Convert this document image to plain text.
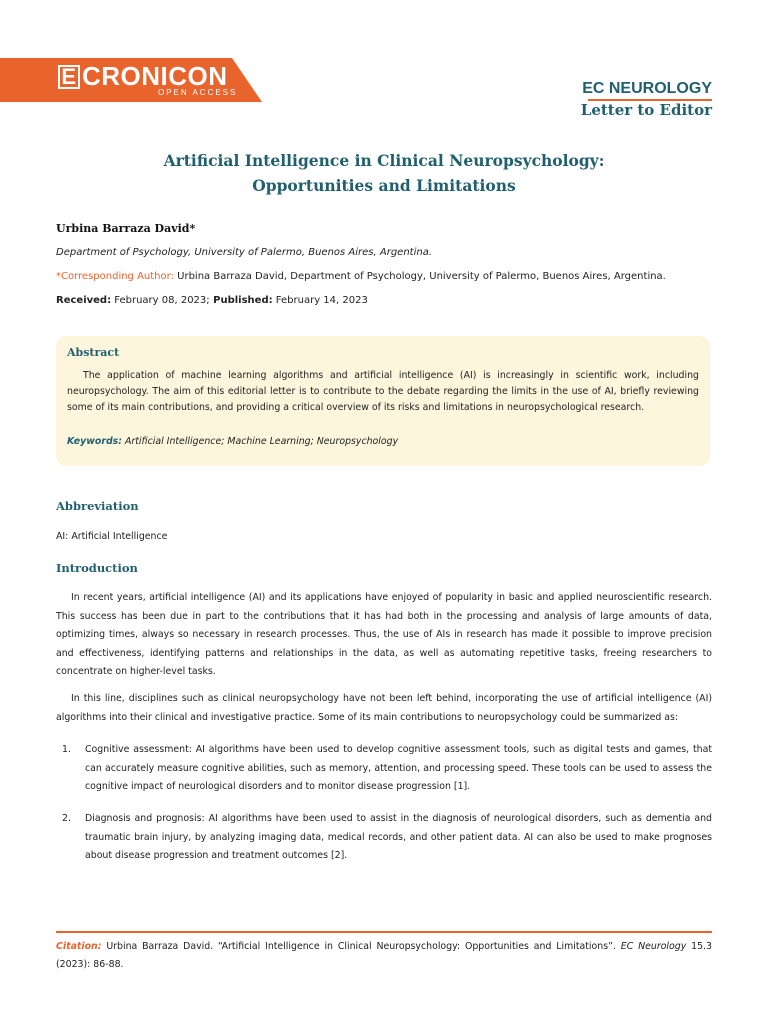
E CRONICON
OPEN ACCESS	EC NEUROLOGY
Letter to Editor
Artificial Intelligence in Clinical Neuropsychology:
Opportunities and Limitations
Urbina Barraza David*
Department of Psychology, University of Palermo, Buenos Aires, Argentina.
*Corresponding Author: Urbina Barraza David, Department of Psychology, University of Palermo, Buenos Aires, Argentina.
Received: February 08, 2023; Published: February 14, 2023
Abstract
The application of machine learning algorithms and artificial intelligence (AI) is increasingly in scientific work, including neuropsychology. The aim of this editorial letter is to contribute to the debate regarding the limits in the use of AI, briefly reviewing some of its main contributions, and providing a critical overview of its risks and limitations in neuropsychological research.
Keywords: Artificial Intelligence; Machine Learning; Neuropsychology
Abbreviation
AI: Artificial Intelligence
Introduction
In recent years, artificial intelligence (AI) and its applications have enjoyed of popularity in basic and applied neuroscientific research. This success has been due in part to the contributions that it has had both in the processing and analysis of large amounts of data, optimizing times, always so necessary in research processes. Thus, the use of AIs in research has made it possible to improve precision and effectiveness, identifying patterns and relationships in the data, as well as automating repetitive tasks, freeing researchers to concentrate on higher-level tasks.
In this line, disciplines such as clinical neuropsychology have not been left behind, incorporating the use of artificial intelligence (AI) algorithms into their clinical and investigative practice. Some of its main contributions to neuropsychology could be summarized as:
1. Cognitive assessment: AI algorithms have been used to develop cognitive assessment tools, such as digital tests and games, that can accurately measure cognitive abilities, such as memory, attention, and processing speed. These tools can be used to assess the cognitive impact of neurological disorders and to monitor disease progression [1].
2. Diagnosis and prognosis: AI algorithms have been used to assist in the diagnosis of neurological disorders, such as dementia and traumatic brain injury, by analyzing imaging data, medical records, and other patient data. AI can also be used to make prognoses about disease progression and treatment outcomes [2].
Citation: Urbina Barraza David. “Artificial Intelligence in Clinical Neuropsychology: Opportunities and Limitations”. EC Neurology 15.3 (2023): 86-88.
